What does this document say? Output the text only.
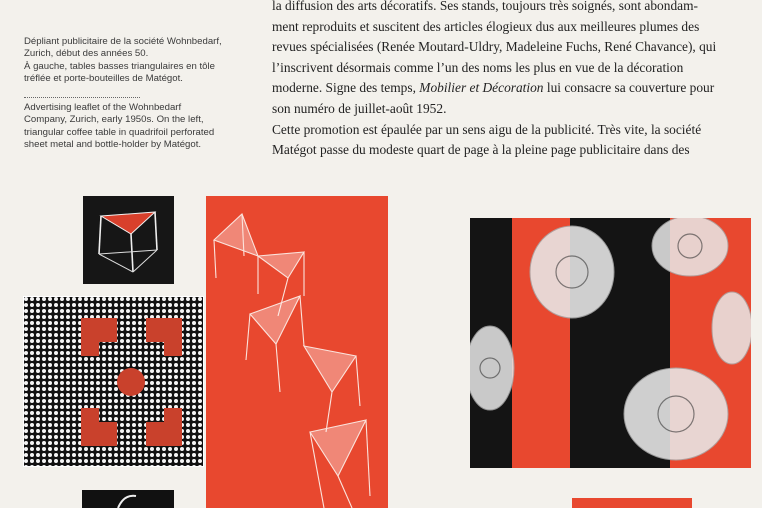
Dépliant publicitaire de la société Wohnbedarf,

Zurich, début des années 50.

À gauche, tables basses triangulaires en tôle

tréflée et porte-bouteilles de Matégot.

Advertising leaflet of the Wohnbedarf

Company, Zurich, early 1950s. On the left,

triangular coffee table in quadrifoil perforated

sheet metal and bottle-holder by Matégot.

la diffusion des arts décoratifs. Ses stands, toujours très soignés, sont abondam-

ment reproduits et suscitent des articles élogieux dus aux meilleures plumes des

revues spécialisées (Renée Moutard-Uldry, Madeleine Fuchs, René Chavance), qui

l’inscrivent désormais comme l’un des noms les plus en vue de la décoration

moderne. Signe des temps, Mobilier et Décoration lui consacre sa couverture pour

son numéro de juillet-août 1952.

Cette promotion est épaulée par un sens aigu de la publicité. Très vite, la société

Matégot passe du modeste quart de page à la pleine page publicitaire dans des
